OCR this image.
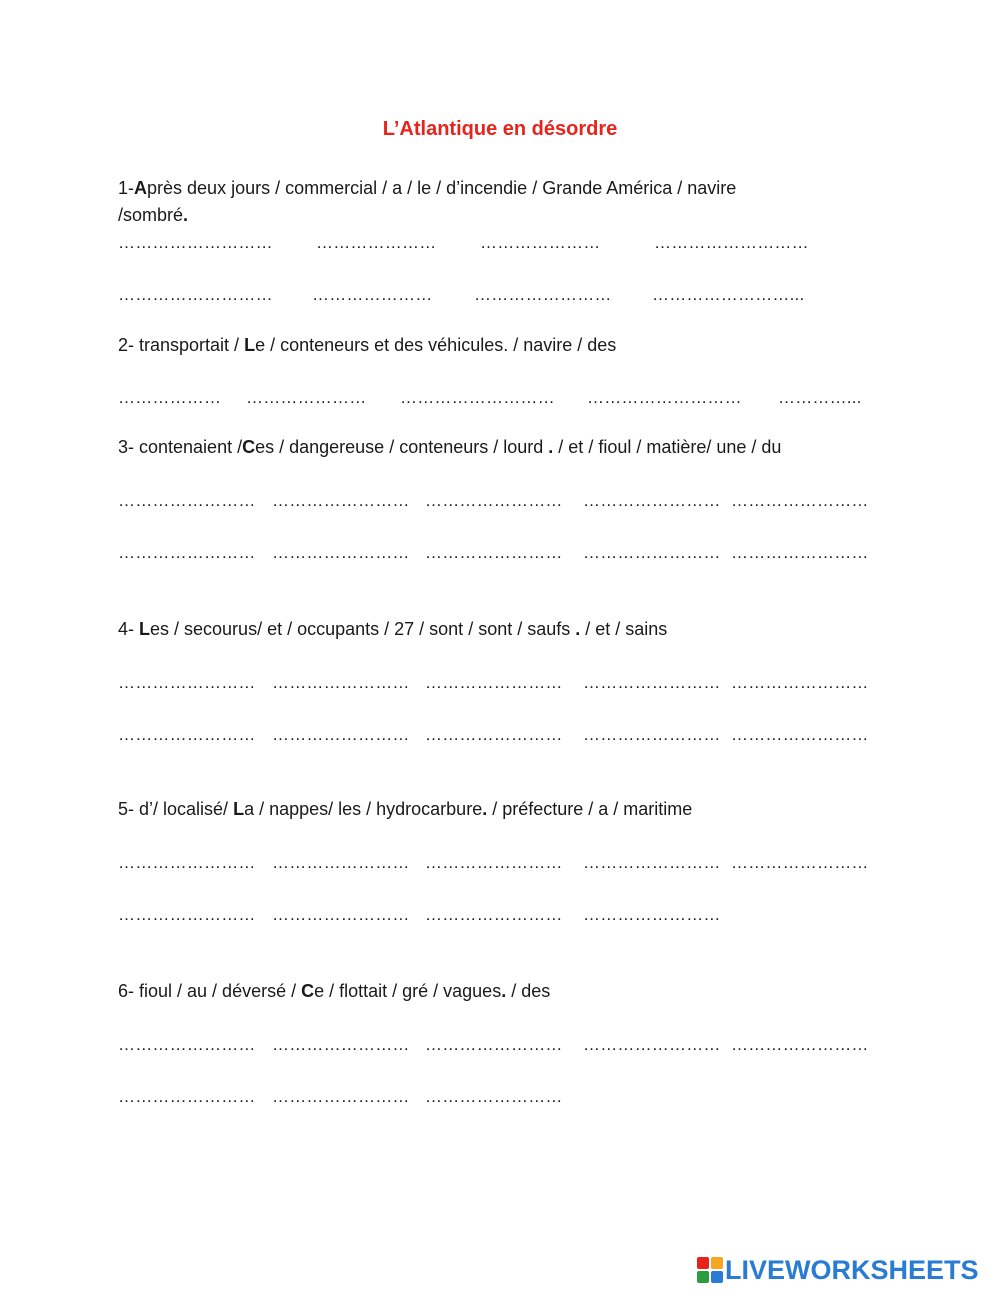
L’Atlantique en désordre
1-Après deux jours / commercial / a / le / d’incendie / Grande América / navire
/sombré.
………………………	…………………	…………………	………………………
……………………… ………………… …………………… ……………………...
2- transportait / Le / conteneurs et des véhicules. / navire / des
……………… ………………… ……………………… ……………………… …………...
3- contenaient /Ces / dangereuse / conteneurs / lourd . / et / fioul / matière/ une / du
…………………… …………………… …………………… …………………… ……………………
…………………… …………………… …………………… …………………… ……………………
4- Les / secourus/ et / occupants / 27 / sont / sont / saufs . / et / sains
…………………… …………………… …………………… …………………… ……………………
…………………… …………………… …………………… …………………… ……………………
5- d’/ localisé/ La / nappes/ les / hydrocarbure. / préfecture / a / maritime
…………………… …………………… …………………… …………………… ……………………
…………………… …………………… …………………… ……………………
6- fioul / au / déversé / Ce / flottait / gré / vagues. / des
…………………… …………………… …………………… …………………… ……………………
…………………… …………………… ……………………
LIVEWORKSHEETS
